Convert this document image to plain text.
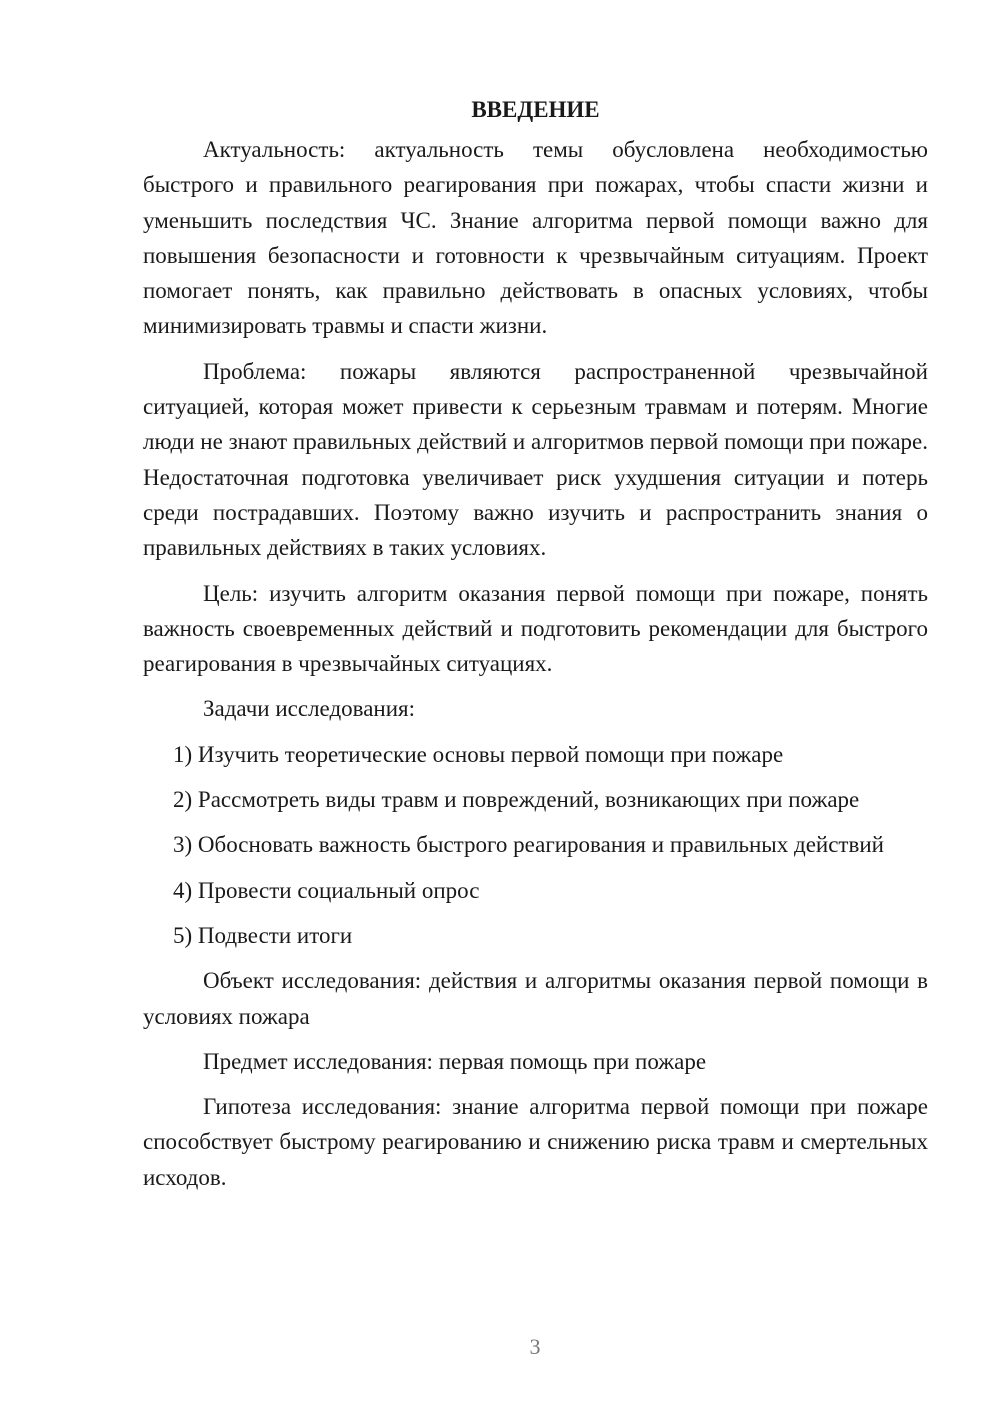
ВВЕДЕНИЕ

Актуальность: актуальность темы обусловлена необходимостью быстрого и правильного реагирования при пожарах, чтобы спасти жизни и уменьшить последствия ЧС. Знание алгоритма первой помощи важно для повышения безопасности и готовности к чрезвычайным ситуациям. Проект помогает понять, как правильно действовать в опасных условиях, чтобы минимизировать травмы и спасти жизни.

Проблема: пожары являются распространенной чрезвычайной ситуацией, которая может привести к серьезным травмам и потерям. Многие люди не знают правильных действий и алгоритмов первой помощи при пожаре. Недостаточная подготовка увеличивает риск ухудшения ситуации и потерь среди пострадавших. Поэтому важно изучить и распространить знания о правильных действиях в таких условиях.

Цель: изучить алгоритм оказания первой помощи при пожаре, понять важность своевременных действий и подготовить рекомендации для быстрого реагирования в чрезвычайных ситуациях.

Задачи исследования:

1) Изучить теоретические основы первой помощи при пожаре

2) Рассмотреть виды травм и повреждений, возникающих при пожаре

3) Обосновать важность быстрого реагирования и правильных действий

4) Провести социальный опрос

5) Подвести итоги

Объект исследования: действия и алгоритмы оказания первой помощи в условиях пожара

Предмет исследования: первая помощь при пожаре

Гипотеза исследования: знание алгоритма первой помощи при пожаре способствует быстрому реагированию и снижению риска травм и смертельных исходов.

3
